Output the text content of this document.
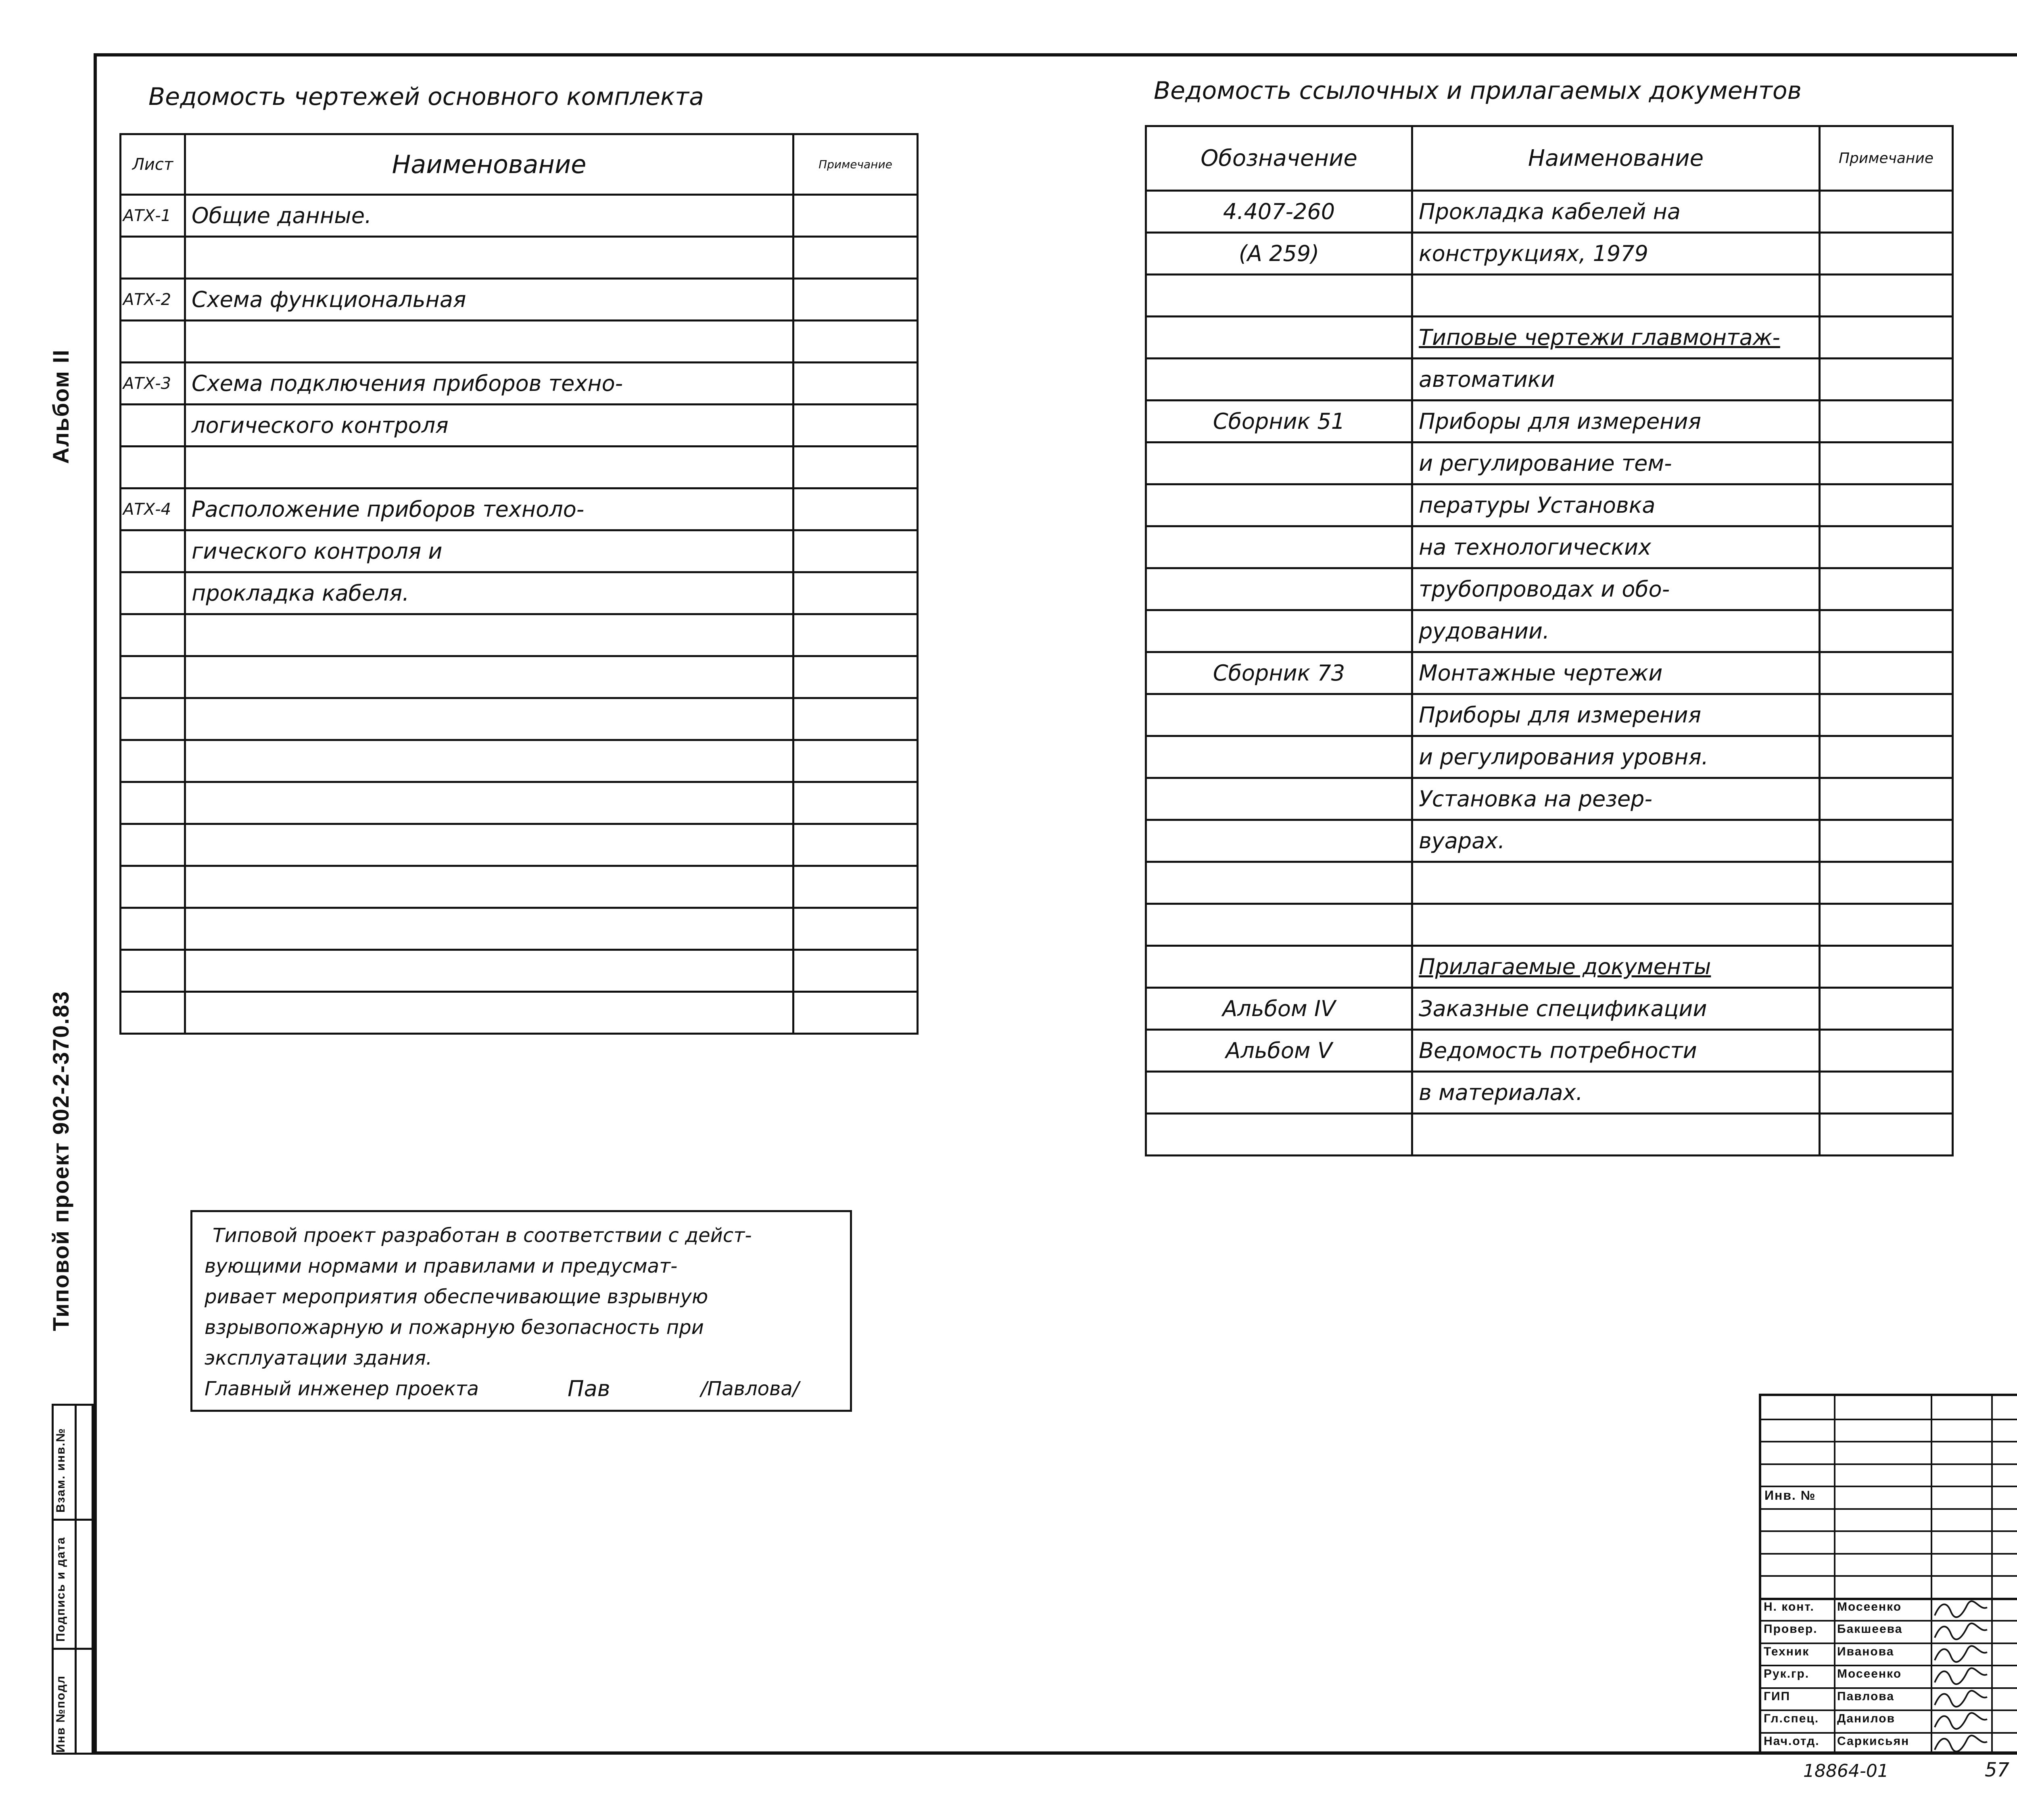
Альбом II
Типовой проект 902-2-370.83
Инв №подл
Подпись и дата
Взам. инв.№
Ведомость чертежей основного комплекта
Лист	Наименование	Примечание
АТХ-1	Общие данные.	

АТХ-2	Схема функциональная	

АТХ-3	Схема подключения приборов техно-	
	логического контроля	

АТХ-4	Расположение приборов техноло-	
	гического контроля и	
	прокладка кабеля.	

Ведомость ссылочных и прилагаемых документов
Обозначение	Наименование	Примечание
4.407-260	Прокладка кабелей на	
(А 259)	конструкциях, 1979	

	Типовые чертежи главмонтаж-	
	автоматики	
Сборник 51	Приборы для измерения	
	и регулирование тем-	
	пературы Установка	
	на технологических	
	трубопроводах и обо-	
	рудовании.	
Сборник 73	Монтажные чертежи	
	Приборы для измерения	
	и регулирования уровня.	
	Установка на резер-	
	вуарах.	

	Прилагаемые документы	
Альбом IV	Заказные спецификации	
Альбом V	Ведомость потребности	
	в материалах.	

Типовой проект разработан в соответствии с дейст-
вующими нормами и правилами и предусмат-
ривает мероприятия обеспечивающие взрывную
взрывопожарную и пожарную безопасность при
эксплуатации здания.
Главный инженер проекта	Пав	/Павлова/
Инв. №
Н. конт. Мосеенко
Провер. Бакшеева
Техник Иванова
Рук.гр. Мосеенко
ГИП	Павлова
Гл.спец. Данилов
Нач.отд. Саркисьян

18864-01	57
